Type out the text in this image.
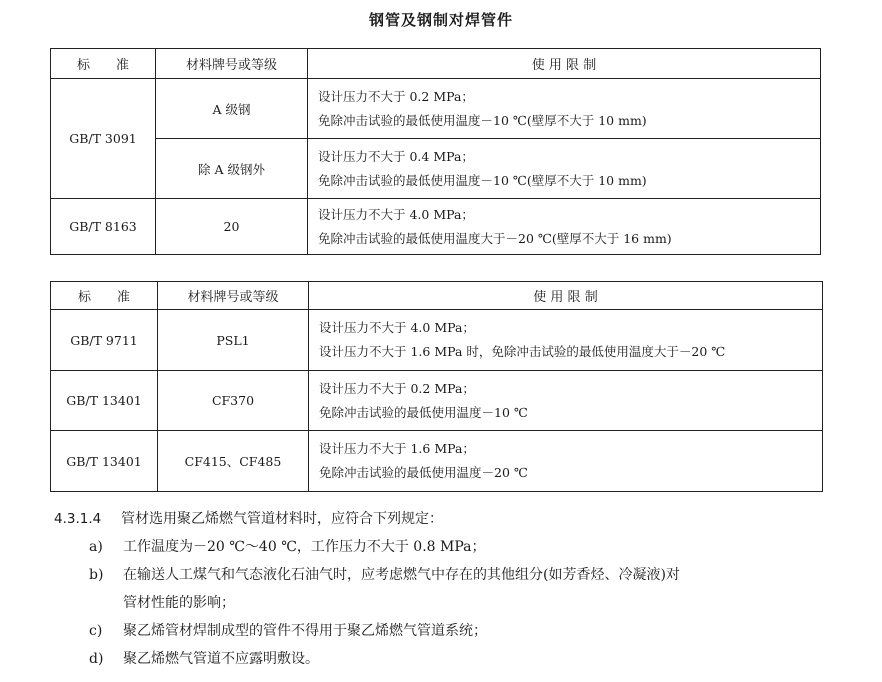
钢管及钢制对焊管件
标　　准	材料牌号或等级	使 用 限 制
GB/T 3091	A 级钢	设计压力不大于 0.2 MPa；
免除冲击试验的最低使用温度－10 ℃(壁厚不大于 10 mm)

	除 A 级钢外	设计压力不大于 0.4 MPa；
免除冲击试验的最低使用温度－10 ℃(壁厚不大于 10 mm)

GB/T 8163	20	设计压力不大于 4.0 MPa；
免除冲击试验的最低使用温度大于－20 ℃(壁厚不大于 16 mm)
标　　准	材料牌号或等级	使 用 限 制
GB/T 9711	PSL1	设计压力不大于 4.0 MPa；
设计压力不大于 1.6 MPa 时，免除冲击试验的最低使用温度大于－20 ℃

GB/T 13401	CF370	设计压力不大于 0.2 MPa；
免除冲击试验的最低使用温度－10 ℃

GB/T 13401	CF415、CF485	设计压力不大于 1.6 MPa；
免除冲击试验的最低使用温度－20 ℃
4.3.1.4 管材选用聚乙烯燃气管道材料时，应符合下列规定：
a) 工作温度为－20 ℃～40 ℃，工作压力不大于 0.8 MPa；
b) 在输送人工煤气和气态液化石油气时，应考虑燃气中存在的其他组分(如芳香烃、冷凝液)对
管材性能的影响；
c) 聚乙烯管材焊制成型的管件不得用于聚乙烯燃气管道系统；
d) 聚乙烯燃气管道不应露明敷设。
